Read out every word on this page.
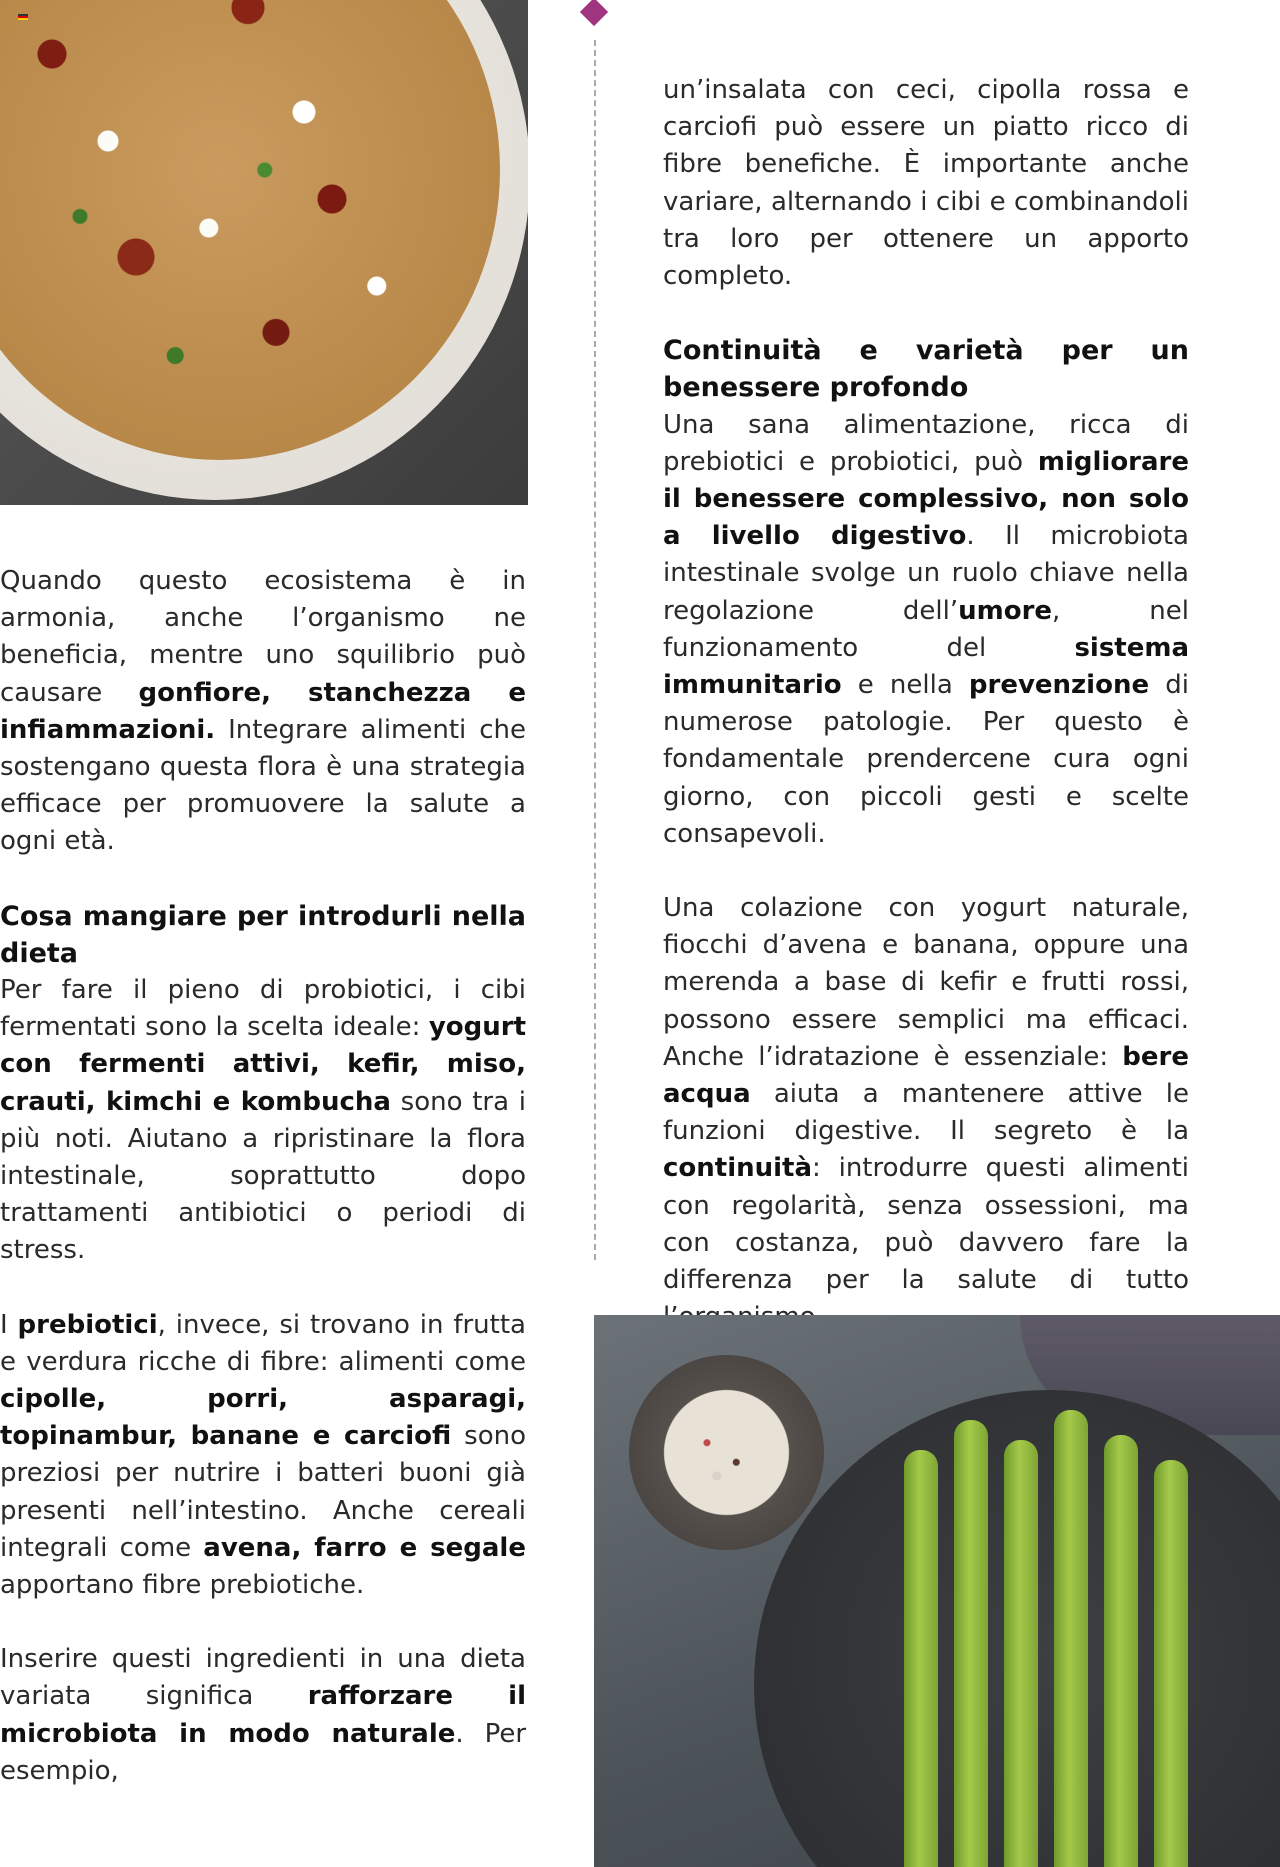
Quando questo ecosistema è in armonia, anche l’organismo ne beneficia, mentre uno squilibrio può causare gonfiore, stanchezza e infiammazioni. Integrare alimenti che sostengano questa flora è una strategia efficace per promuovere la salute a ogni età.

Cosa mangiare per introdurli nella dieta

Per fare il pieno di probiotici, i cibi fermentati sono la scelta ideale: yogurt con fermenti attivi, kefir, miso, crauti, kimchi e kombucha sono tra i più noti. Aiutano a ripristinare la flora intestinale, soprattutto dopo trattamenti antibiotici o periodi di stress.

I prebiotici, invece, si trovano in frutta e verdura ricche di fibre: alimenti come cipolle, porri, asparagi, topinambur, banane e carciofi sono preziosi per nutrire i batteri buoni già presenti nell’intestino. Anche cereali integrali come avena, farro e segale apportano fibre prebiotiche.

Inserire questi ingredienti in una dieta variata significa rafforzare il microbiota in modo naturale. Per esempio,

un’insalata con ceci, cipolla rossa e carciofi può essere un piatto ricco di fibre benefiche. È importante anche variare, alternando i cibi e combinandoli tra loro per ottenere un apporto completo.

Continuità e varietà per un benessere profondo

Una sana alimentazione, ricca di prebiotici e probiotici, può migliorare il benessere complessivo, non solo a livello digestivo. Il microbiota intestinale svolge un ruolo chiave nella regolazione dell’umore, nel funzionamento del sistema immunitario e nella prevenzione di numerose patologie. Per questo è fondamentale prendercene cura ogni giorno, con piccoli gesti e scelte consapevoli.

Una colazione con yogurt naturale, fiocchi d’avena e banana, oppure una merenda a base di kefir e frutti rossi, possono essere semplici ma efficaci. Anche l’idratazione è essenziale: bere acqua aiuta a mantenere attive le funzioni digestive. Il segreto è la continuità: introdurre questi alimenti con regolarità, senza ossessioni, ma con costanza, può davvero fare la differenza per la salute di tutto
